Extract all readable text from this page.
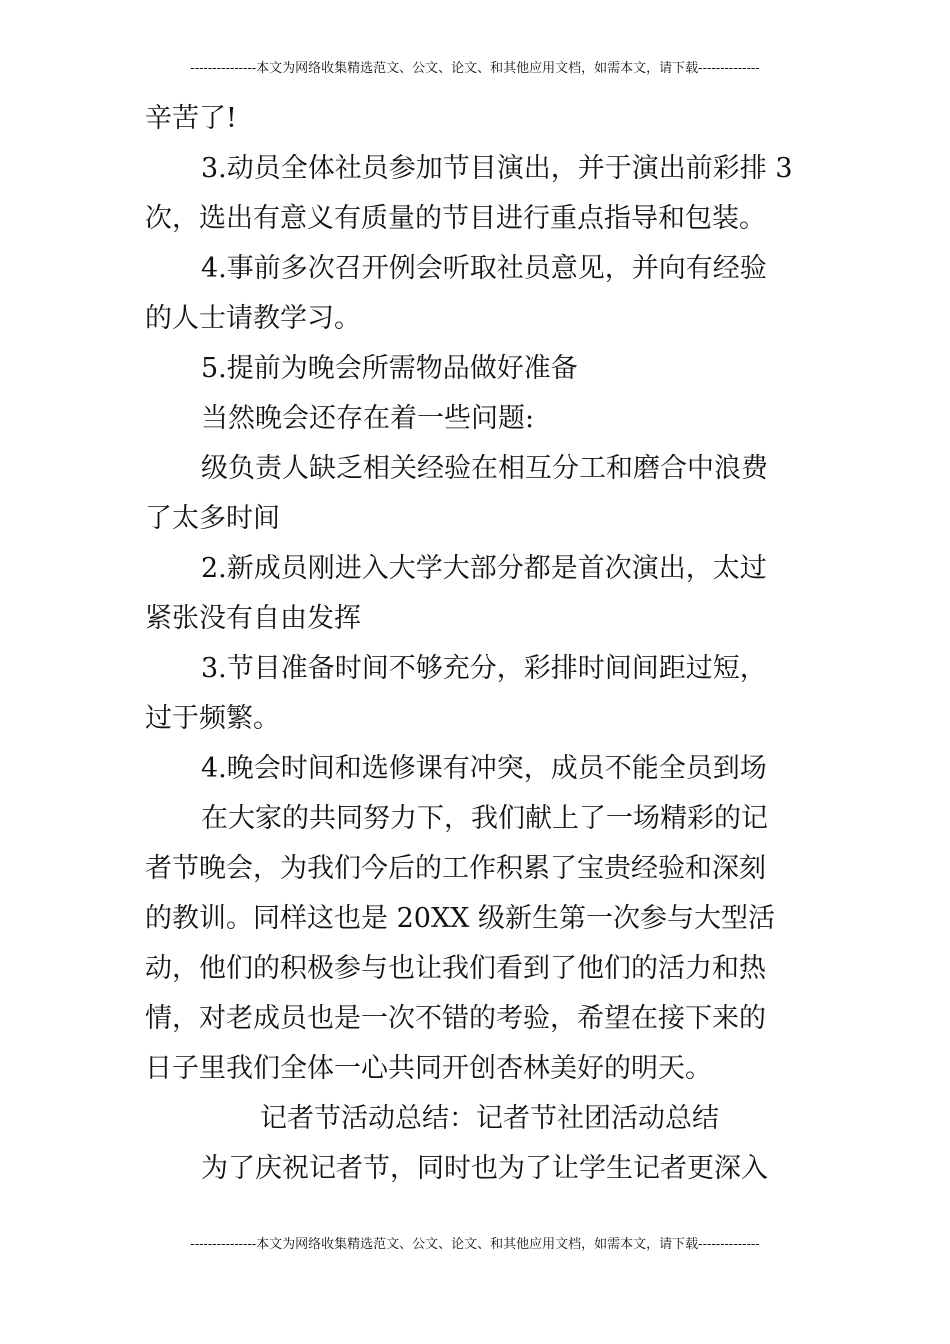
---------------本文为网络收集精选范文、公文、论文、和其他应用文档，如需本文，请下载--------------
辛苦了!
3.动员全体社员参加节目演出，并于演出前彩排 3
次，选出有意义有质量的节目进行重点指导和包装。
4.事前多次召开例会听取社员意见，并向有经验
的人士请教学习。
5.提前为晚会所需物品做好准备
当然晚会还存在着一些问题:
级负责人缺乏相关经验在相互分工和磨合中浪费
了太多时间
2.新成员刚进入大学大部分都是首次演出，太过
紧张没有自由发挥
3.节目准备时间不够充分，彩排时间间距过短，
过于频繁。
4.晚会时间和选修课有冲突，成员不能全员到场
在大家的共同努力下，我们献上了一场精彩的记
者节晚会，为我们今后的工作积累了宝贵经验和深刻
的教训。同样这也是 20XX 级新生第一次参与大型活
动，他们的积极参与也让我们看到了他们的活力和热
情，对老成员也是一次不错的考验，希望在接下来的
日子里我们全体一心共同开创杏林美好的明天。
记者节活动总结：记者节社团活动总结
为了庆祝记者节，同时也为了让学生记者更深入
---------------本文为网络收集精选范文、公文、论文、和其他应用文档，如需本文，请下载--------------
